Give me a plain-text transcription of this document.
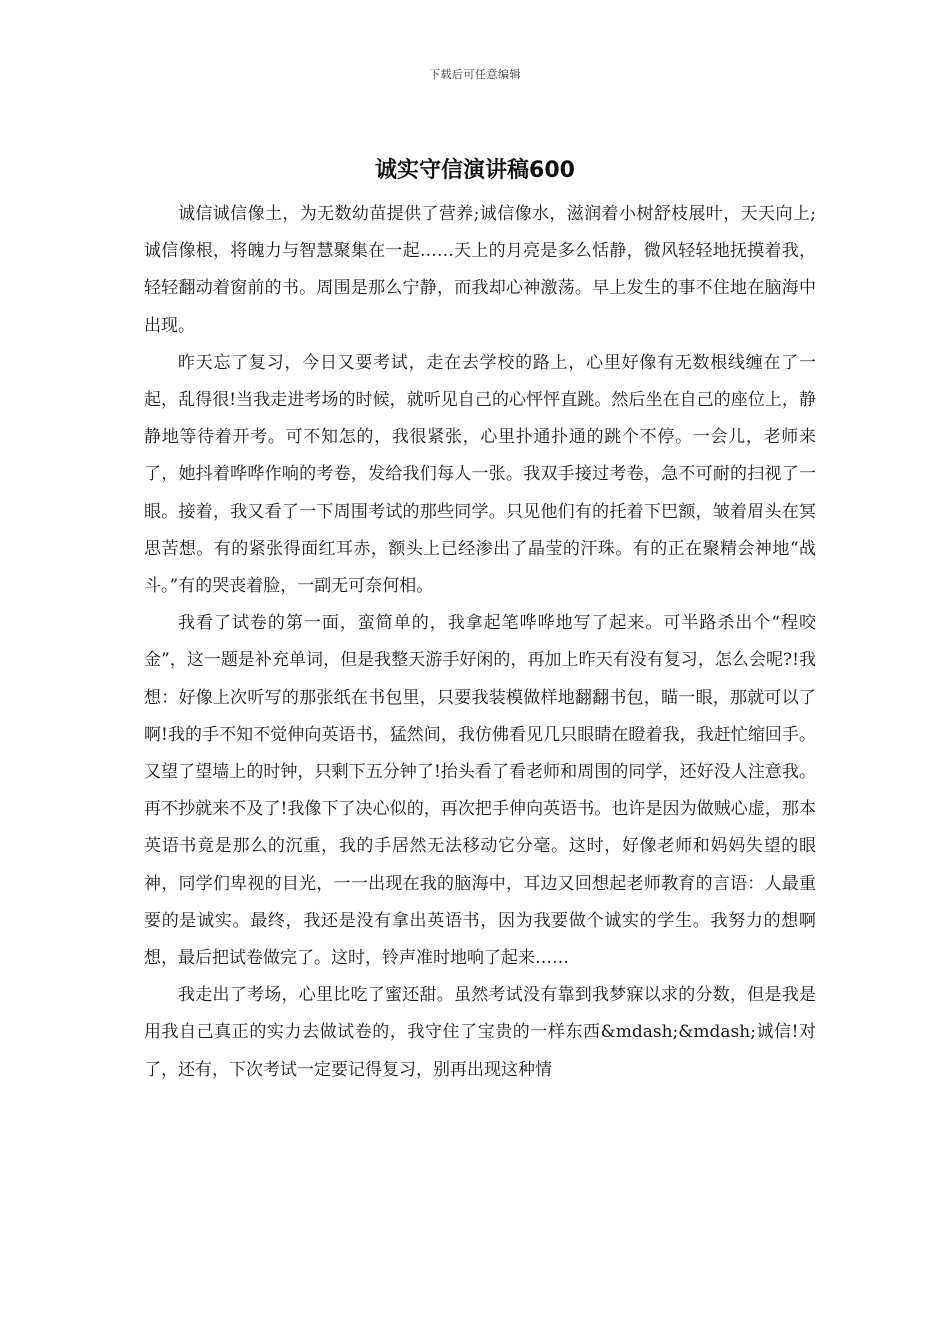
下载后可任意编辑
诚实守信演讲稿600

诚信诚信像土，为无数幼苗提供了营养;诚信像水，滋润着小树舒枝展叶，天天向上;诚信像根，将魄力与智慧聚集在一起……天上的月亮是多么恬静，微风轻轻地抚摸着我，轻轻翻动着窗前的书。周围是那么宁静，而我却心神激荡。早上发生的事不住地在脑海中出现。

昨天忘了复习，今日又要考试，走在去学校的路上，心里好像有无数根线缠在了一起，乱得很!当我走进考场的时候，就听见自己的心怦怦直跳。然后坐在自己的座位上，静静地等待着开考。可不知怎的，我很紧张，心里扑通扑通的跳个不停。一会儿，老师来了，她抖着哗哗作响的考卷，发给我们每人一张。我双手接过考卷，急不可耐的扫视了一眼。接着，我又看了一下周围考试的那些同学。只见他们有的托着下巴额，皱着眉头在冥思苦想。有的紧张得面红耳赤，额头上已经渗出了晶莹的汗珠。有的正在聚精会神地“战斗。”有的哭丧着脸，一副无可奈何相。

我看了试卷的第一面，蛮简单的，我拿起笔哗哗地写了起来。可半路杀出个“程咬金”，这一题是补充单词，但是我整天游手好闲的，再加上昨天有没有复习，怎么会呢?!我想：好像上次听写的那张纸在书包里，只要我装模做样地翻翻书包，瞄一眼，那就可以了啊!我的手不知不觉伸向英语书，猛然间，我仿佛看见几只眼睛在瞪着我，我赶忙缩回手。又望了望墙上的时钟，只剩下五分钟了!抬头看了看老师和周围的同学，还好没人注意我。再不抄就来不及了!我像下了决心似的，再次把手伸向英语书。也许是因为做贼心虚，那本英语书竟是那么的沉重，我的手居然无法移动它分毫。这时，好像老师和妈妈失望的眼神，同学们卑视的目光，一一出现在我的脑海中，耳边又回想起老师教育的言语：人最重要的是诚实。最终，我还是没有拿出英语书，因为我要做个诚实的学生。我努力的想啊想，最后把试卷做完了。这时，铃声准时地响了起来……

我走出了考场，心里比吃了蜜还甜。虽然考试没有靠到我梦寐以求的分数，但是我是用我自己真正的实力去做试卷的，我守住了宝贵的一样东西&mdash;&mdash;诚信!对了，还有，下次考试一定要记得复习，别再出现这种情
